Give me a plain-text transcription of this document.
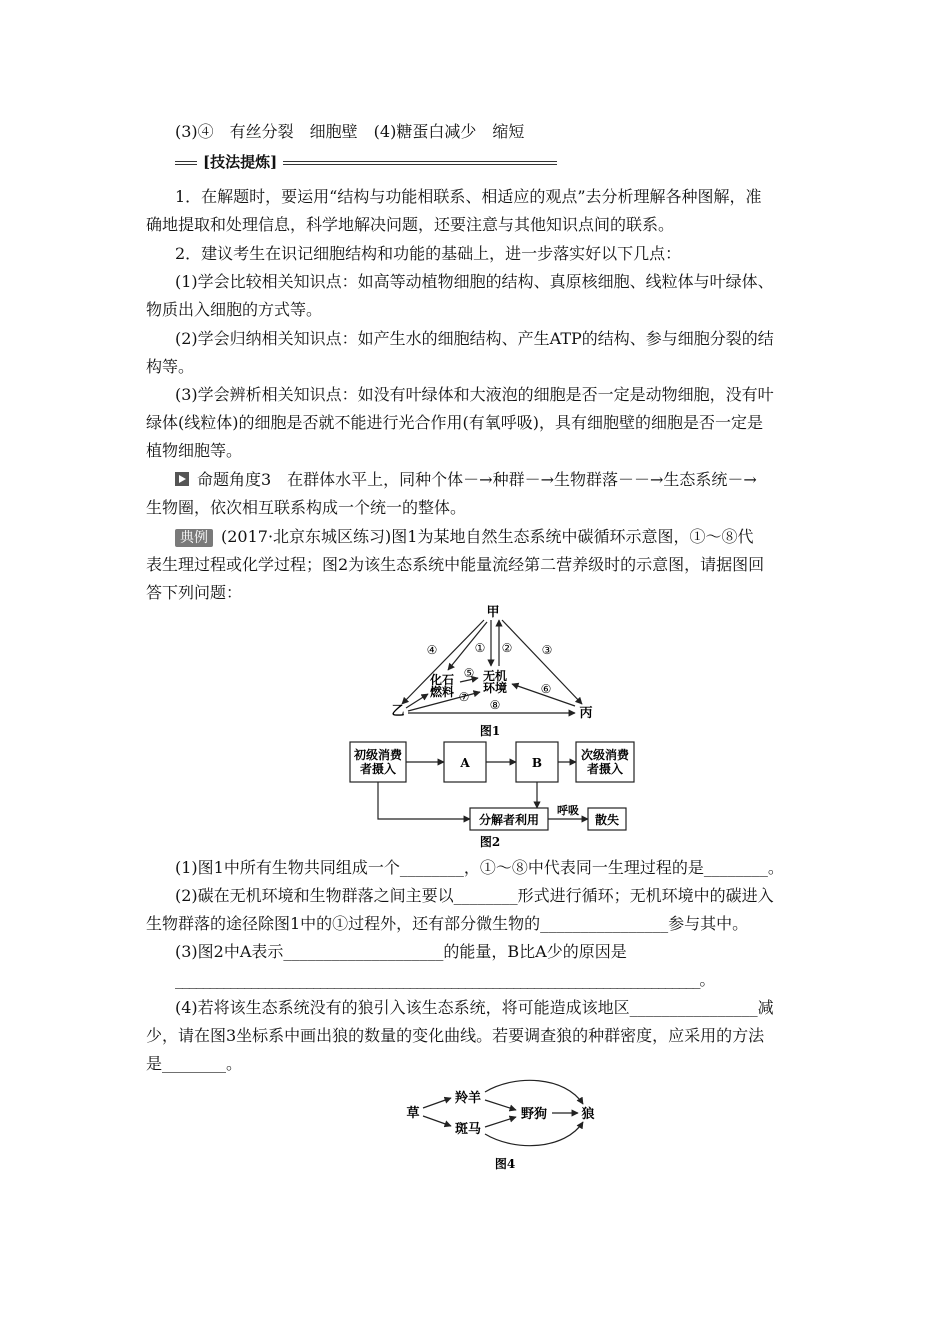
(3)④　有丝分裂　细胞壁　(4)糖蛋白减少　缩短
[技法提炼]
1．在解题时，要运用“结构与功能相联系、相适应的观点”去分析理解各种图解，准
确地提取和处理信息，科学地解决问题，还要注意与其他知识点间的联系。
2．建议考生在识记细胞结构和功能的基础上，进一步落实好以下几点：
(1)学会比较相关知识点：如高等动植物细胞的结构、真原核细胞、线粒体与叶绿体、
物质出入细胞的方式等。
(2)学会归纳相关知识点：如产生水的细胞结构、产生ATP的结构、参与细胞分裂的结
构等。
(3)学会辨析相关知识点：如没有叶绿体和大液泡的细胞是否一定是动物细胞，没有叶
绿体(线粒体)的细胞是否就不能进行光合作用(有氧呼吸)，具有细胞壁的细胞是否一定是
植物细胞等。
命题角度3　在群体水平上，同种个体－→种群－→生物群落－－→生态系统－→
生物圈，依次相互联系构成一个统一的整体。
典例 (2017·北京东城区练习)图1为某地自然生态系统中碳循环示意图，①～⑧代
表生理过程或化学过程；图2为该生态系统中能量流经第二营养级时的示意图，请据图回
答下列问题：
甲
乙	丙
化石
燃料
无机
环境
④	① ② ③
⑤
⑥
⑦
⑧
图1
初级消费
者摄入	A	B
次级消费
者摄入
分解者利用	散失
呼吸
图2
(1)图1中所有生物共同组成一个________，①～⑧中代表同一生理过程的是________。
(2)碳在无机环境和生物群落之间主要以________形式进行循环；无机环境中的碳进入
生物群落的途径除图1中的①过程外，还有部分微生物的________________参与其中。
(3)图2中A表示____________________的能量，B比A少的原因是
____________________________________________________________________________。
(4)若将该生态系统没有的狼引入该生态系统，将可能造成该地区________________减
少，请在图3坐标系中画出狼的数量的变化曲线。若要调查狼的种群密度，应采用的方法
是________。
草
羚羊
斑马
野狗	狼
图4
